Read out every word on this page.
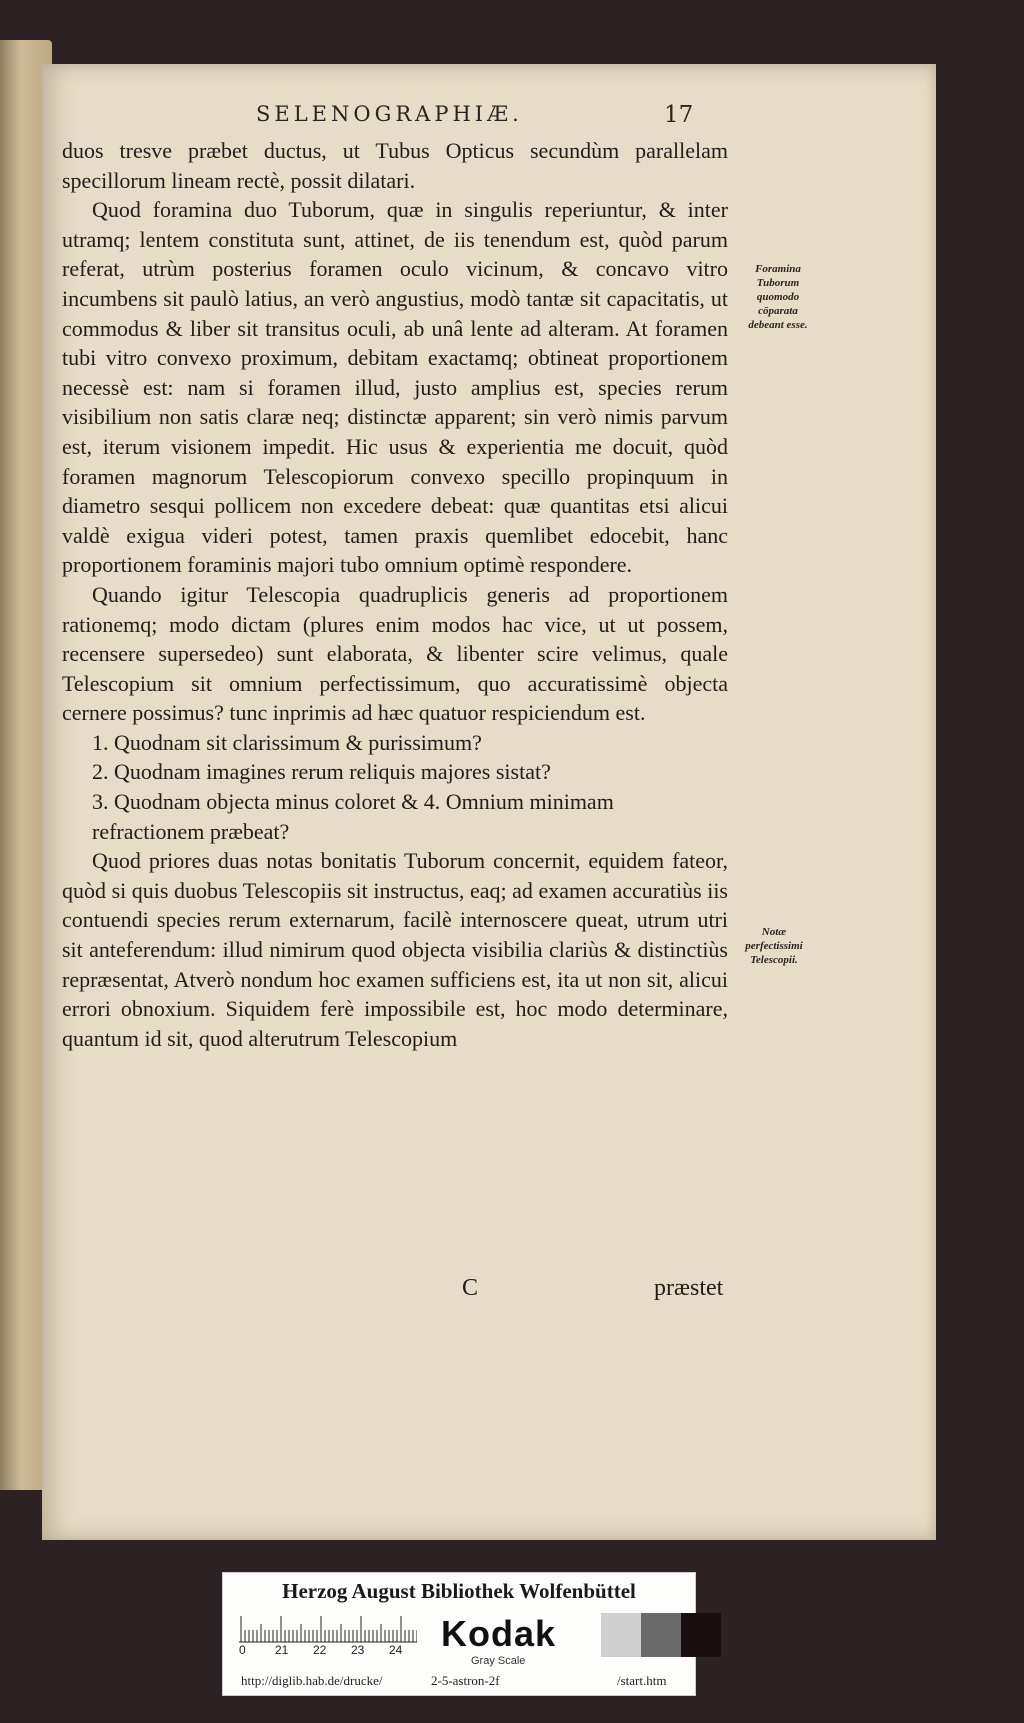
SELENOGRAPHIÆ.	17

duos tresve præbet ductus, ut Tubus Opticus secundùm parallelam specillorum lineam rectè, possit dilatari.

Quod foramina duo Tuborum, quæ in singulis reperiuntur, & inter utramq; lentem constituta sunt, attinet, de iis tenendum est, quòd parum referat, utrùm posterius foramen oculo vicinum, & concavo vitro incumbens sit paulò latius, an verò angustius, modò tantæ sit capacitatis, ut commodus & liber sit transitus oculi, ab unâ lente ad alteram. At foramen tubi vitro convexo proximum, debitam exactamq; obtineat proportionem necessè est: nam si foramen illud, justo amplius est, species rerum visibilium non satis claræ neq; distinctæ apparent; sin verò nimis parvum est, iterum visionem impedit. Hic usus & experientia me docuit, quòd foramen magnorum Telescopiorum convexo specillo propinquum in diametro sesqui pollicem non excedere debeat: quæ quantitas etsi alicui valdè exigua videri potest, tamen praxis quemlibet edocebit, hanc proportionem foraminis majori tubo omnium optimè respondere.

Quando igitur Telescopia quadruplicis generis ad proportionem rationemq; modo dictam (plures enim modos hac vice, ut ut possem, recensere supersedeo) sunt elaborata, & libenter scire velimus, quale Telescopium sit omnium perfectissimum, quo accuratissimè objecta cernere possimus? tunc inprimis ad hæc quatuor respiciendum est.

1. Quodnam sit clarissimum & purissimum?

2. Quodnam imagines rerum reliquis majores sistat?

3. Quodnam objecta minus coloret & 4. Omnium minimam refractionem præbeat?

Quod priores duas notas bonitatis Tuborum concernit, equidem fateor, quòd si quis duobus Telescopiis sit instructus, eaq; ad examen accuratiùs iis contuendi species rerum externarum, facilè internoscere queat, utrum utri sit anteferendum: illud nimirum quod objecta visibilia clariùs & distinctiùs repræsentat, Atverò nondum hoc examen sufficiens est, ita ut non sit, alicui errori obnoxium. Siquidem ferè impossibile est, hoc modo determinare, quantum id sit, quod alterutrum Telescopium

C	præstet
Foramina Tuborum quomodo cōparata debeant esse.
Notæ perfectissimi Telescopii.
Herzog August Bibliothek Wolfenbüttel
0 21 22 23 24 Kodak
Gray Scale
http://diglib.hab.de/drucke/	2-5-astron-2f	/start.htm
